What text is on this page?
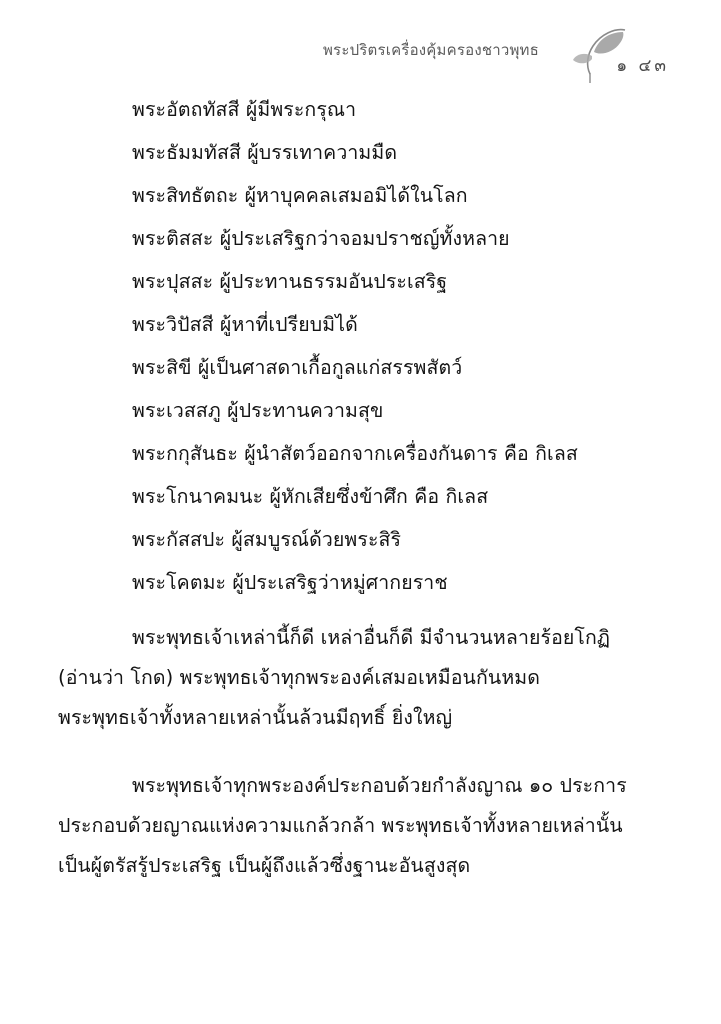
พระปริตรเครื่องคุ้มครองชาวพุทธ
๑ ๔๓
พระอัตถทัสสี ผู้มีพระกรุณา
พระธัมมทัสสี ผู้บรรเทาความมืด
พระสิทธัตถะ ผู้หาบุคคลเสมอมิได้ในโลก
พระติสสะ ผู้ประเสริฐกว่าจอมปราชญ์ทั้งหลาย
พระปุสสะ ผู้ประทานธรรมอันประเสริฐ
พระวิปัสสี ผู้หาที่เปรียบมิได้
พระสิขี ผู้เป็นศาสดาเกื้อกูลแก่สรรพสัตว์
พระเวสสภู ผู้ประทานความสุข
พระกกุสันธะ ผู้นำสัตว์ออกจากเครื่องกันดาร คือ กิเลส
พระโกนาคมนะ ผู้หักเสียซึ่งข้าศึก คือ กิเลส
พระกัสสปะ ผู้สมบูรณ์ด้วยพระสิริ
พระโคตมะ ผู้ประเสริฐว่าหมู่ศากยราช
พระพุทธเจ้าเหล่านี้ก็ดี เหล่าอื่นก็ดี มีจำนวนหลายร้อยโกฏิ
(อ่านว่า โกด) พระพุทธเจ้าทุกพระองค์เสมอเหมือนกันหมด
พระพุทธเจ้าทั้งหลายเหล่านั้นล้วนมีฤทธิ์ ยิ่งใหญ่
พระพุทธเจ้าทุกพระองค์ประกอบด้วยกำลังญาณ ๑๐ ประการ
ประกอบด้วยญาณแห่งความแกล้วกล้า พระพุทธเจ้าทั้งหลายเหล่านั้น
เป็นผู้ตรัสรู้ประเสริฐ เป็นผู้ถึงแล้วซึ่งฐานะอันสูงสุด
